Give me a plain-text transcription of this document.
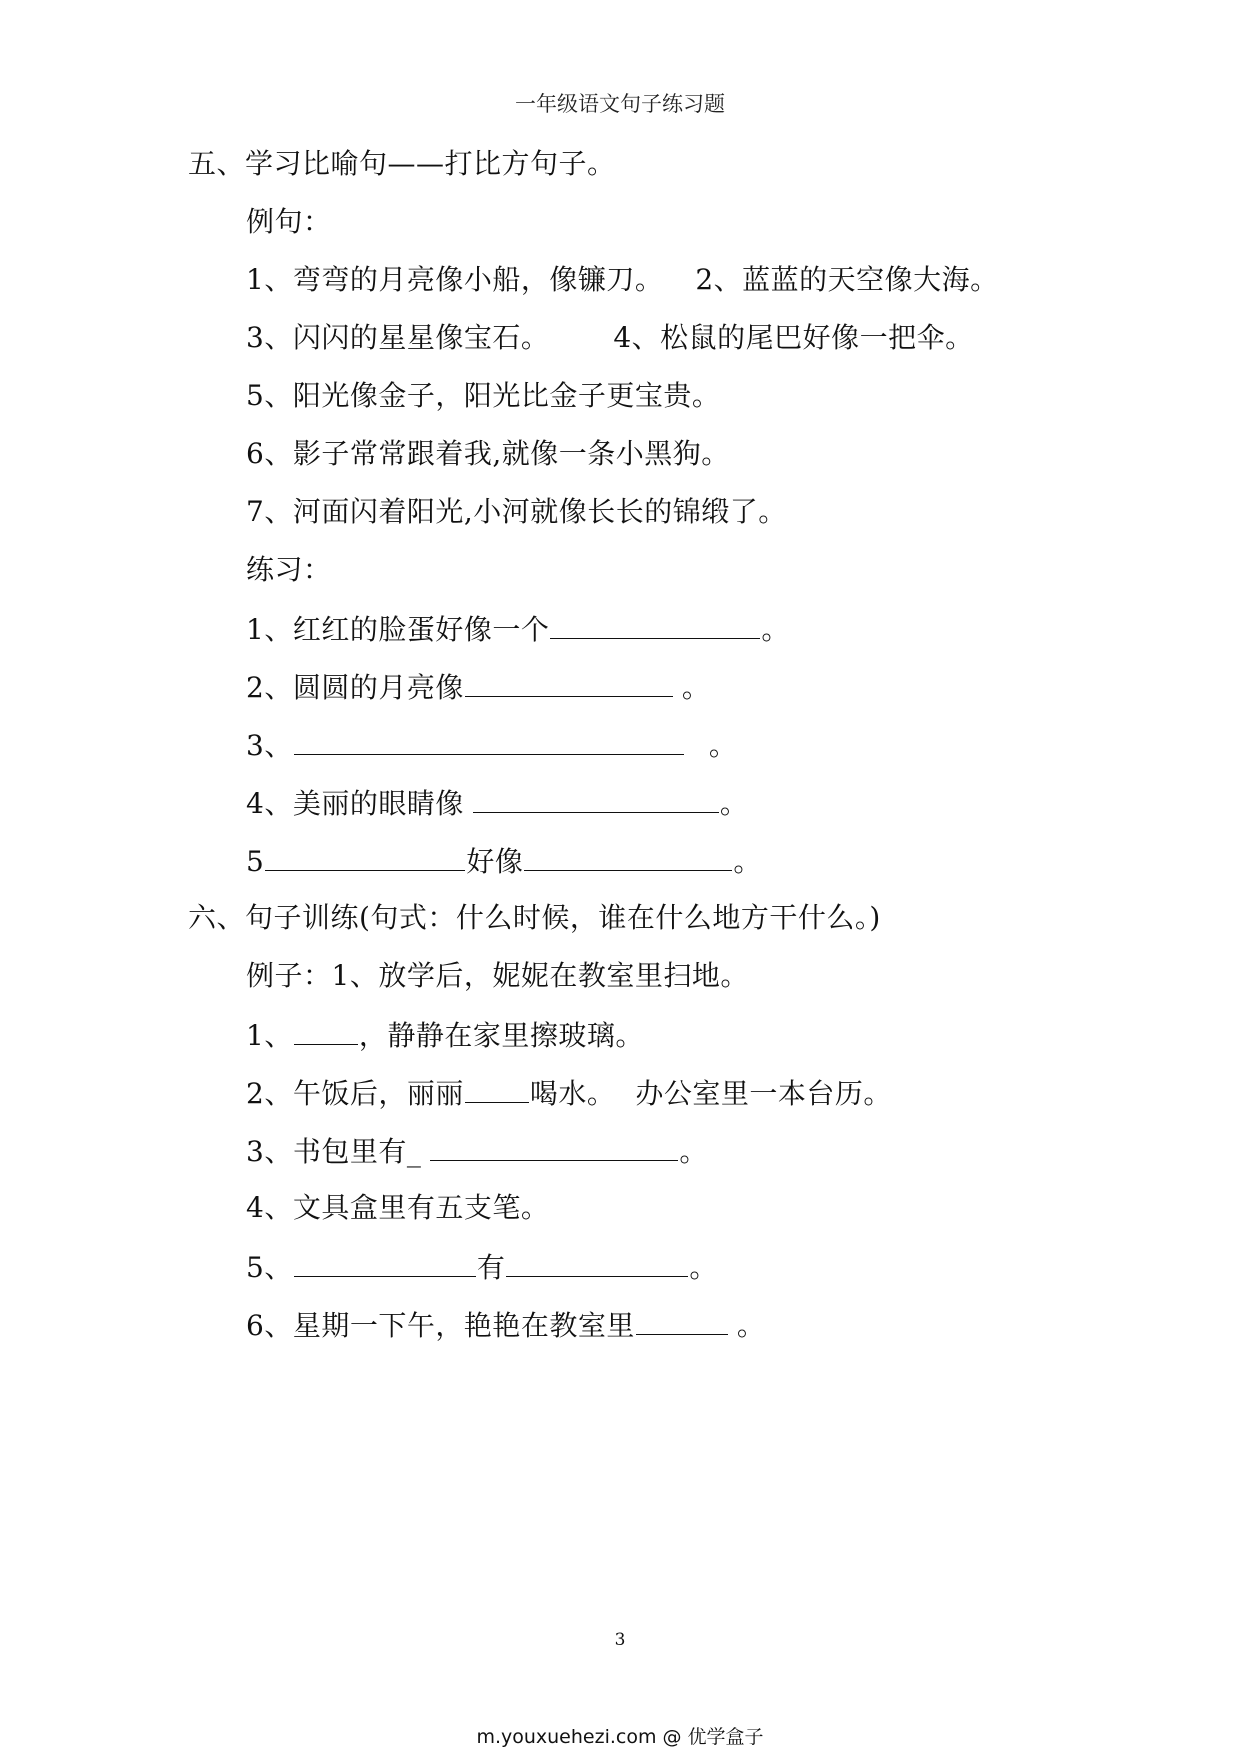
一年级语文句子练习题
五、学习比喻句——打比方句子。
例句：
1、弯弯的月亮像小船，像镰刀。 2、蓝蓝的天空像大海。
3、闪闪的星星像宝石。 4、松鼠的尾巴好像一把伞。
5、阳光像金子，阳光比金子更宝贵。
6、影子常常跟着我,就像一条小黑狗。
7、河面闪着阳光,小河就像长长的锦缎了。
练习：
1、红红的脸蛋好像一个	。
2、圆圆的月亮像	。
3、	。
4、美丽的眼睛像	。
5	好像	。
六、句子训练(句式：什么时候，谁在什么地方干什么。)
例子：1、放学后，妮妮在教室里扫地。
1、 ，静静在家里擦玻璃。
2、午饭后，丽丽 喝水。 办公室里一本台历。
3、书包里有_	。
4、文具盒里有五支笔。
5、	有	。
6、星期一下午，艳艳在教室里	。
3
m.youxuehezi.com @ 优学盒子
